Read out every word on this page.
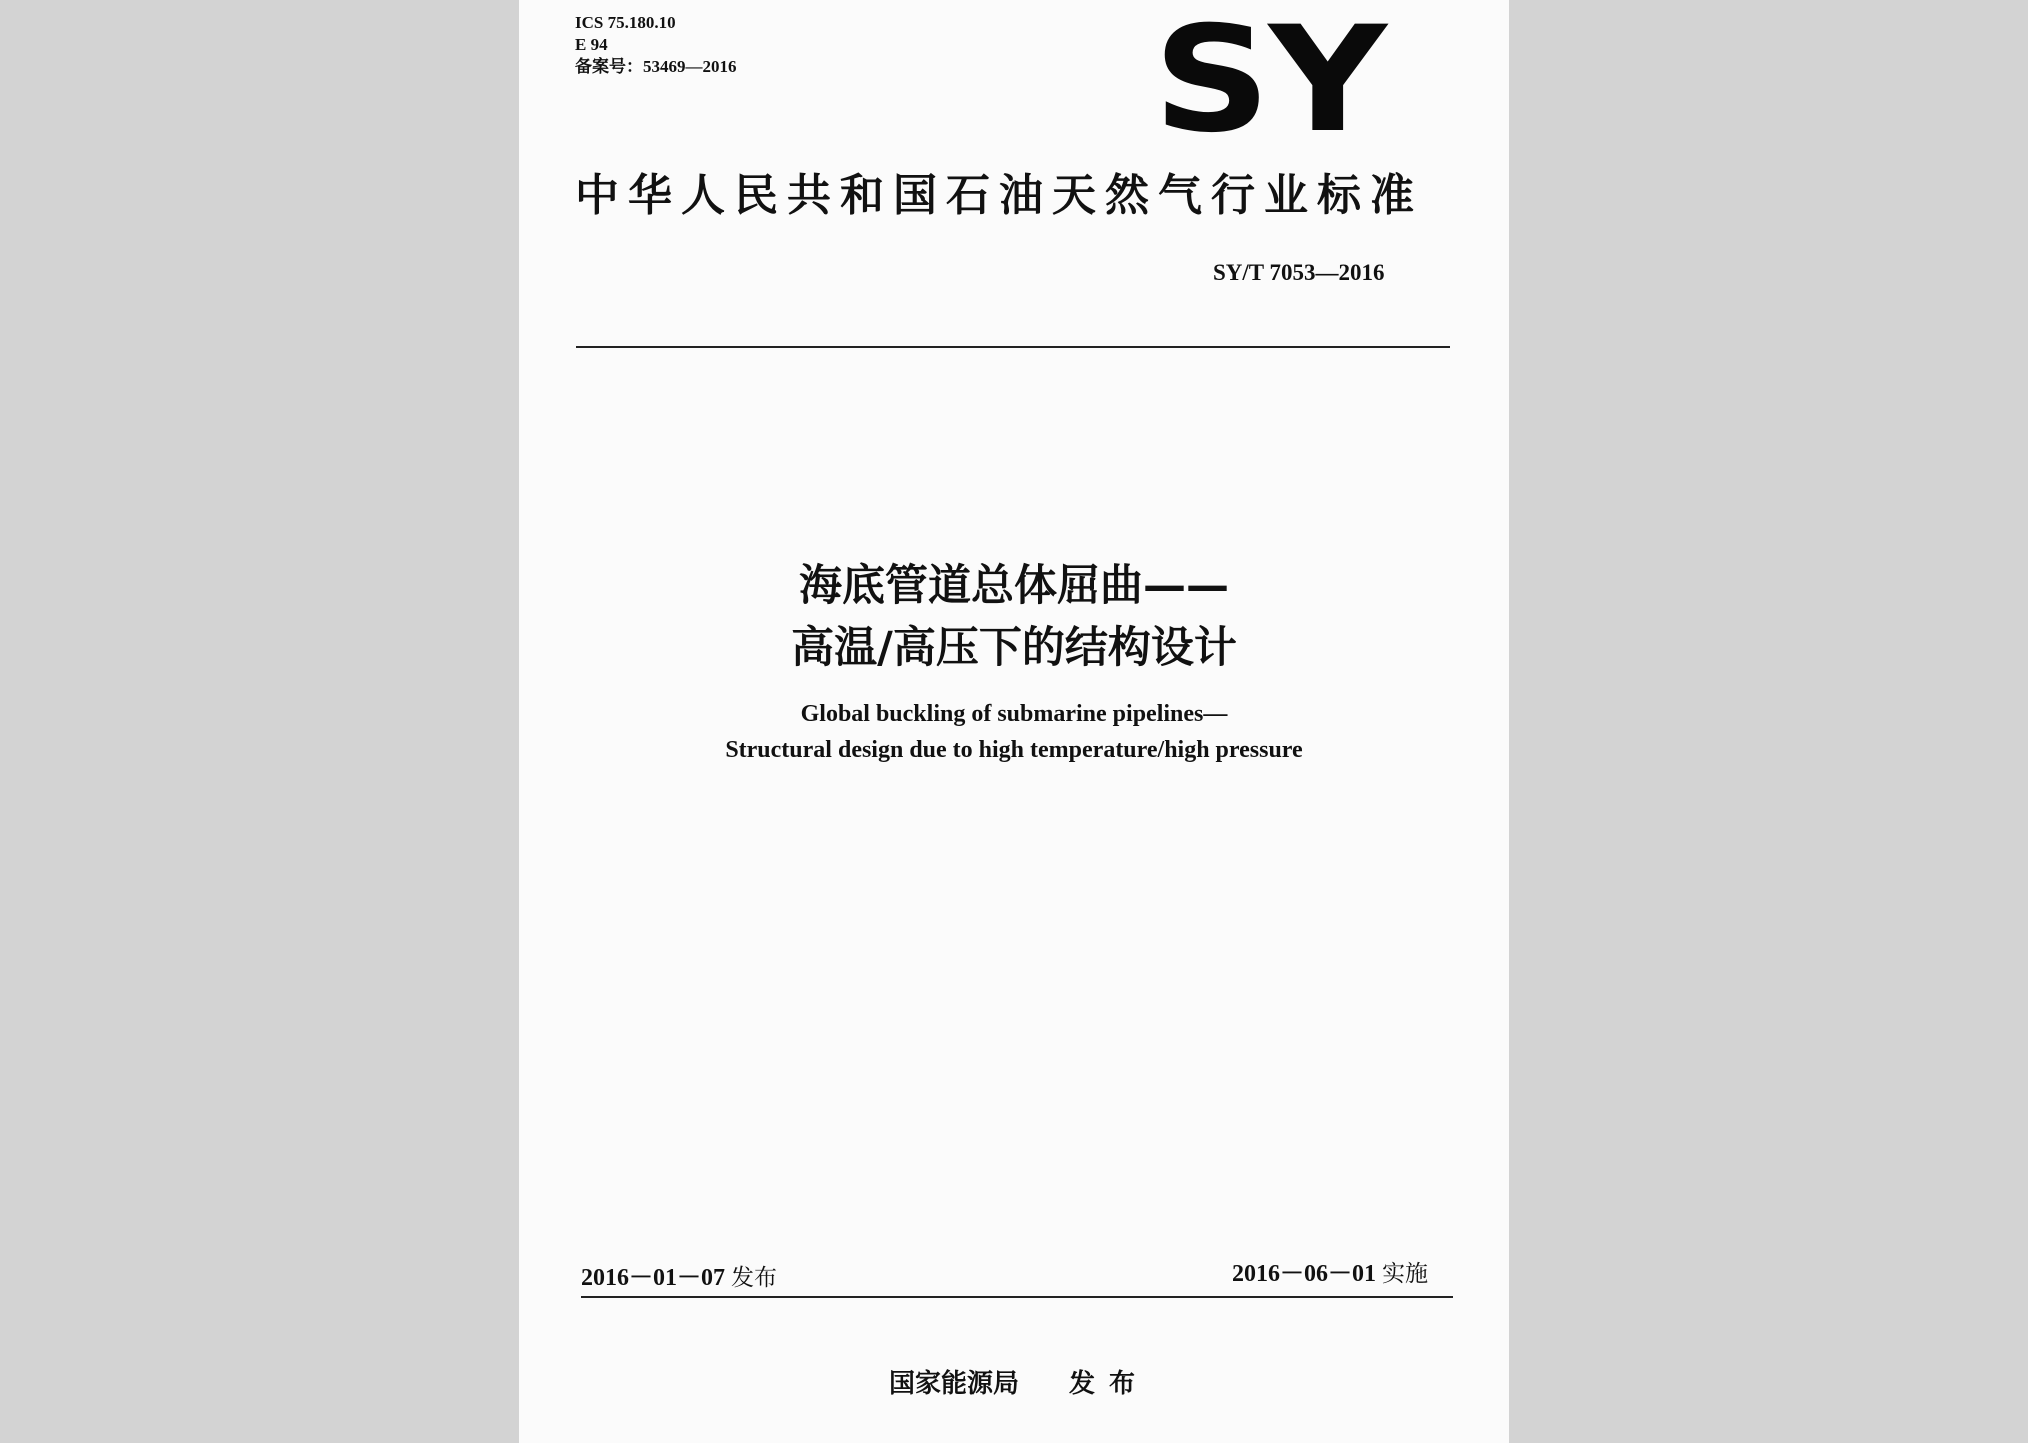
ICS 75.180.10
E 94
备案号：53469—2016	SY
中华人民共和国石油天然气行业标准
SY/T 7053—2016
海底管道总体屈曲——
高温/高压下的结构设计
Global buckling of submarine pipelines—
Structural design due to high temperature/high pressure
2016－01－07 发布	2016－06－01 实施
国家能源局 发布
